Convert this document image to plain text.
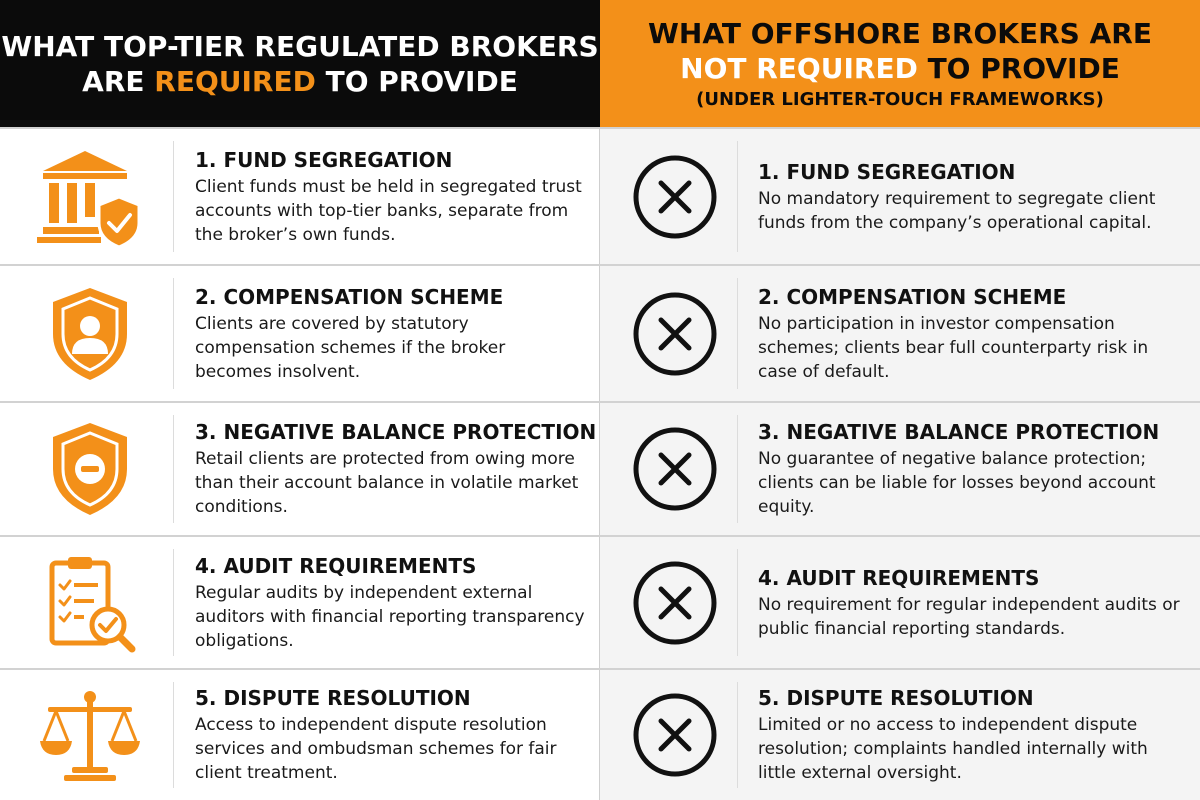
WHAT TOP-TIER REGULATED BROKERS
ARE REQUIRED TO PROVIDE
WHAT OFFSHORE BROKERS ARE
NOT REQUIRED TO PROVIDE
(UNDER LIGHTER-TOUCH FRAMEWORKS)
1. FUND SEGREGATION
Client funds must be held in segregated trust accounts with top-tier banks, separate from the broker’s own funds.
1. FUND SEGREGATION
No mandatory requirement to segregate client funds from the company’s operational capital.
2. COMPENSATION SCHEME
Clients are covered by statutory compensation schemes if the broker becomes insolvent.
2. COMPENSATION SCHEME
No participation in investor compensation schemes; clients bear full counterparty risk in case of default.
3. NEGATIVE BALANCE PROTECTION
Retail clients are protected from owing more than their account balance in volatile market conditions.
3. NEGATIVE BALANCE PROTECTION
No guarantee of negative balance protection; clients can be liable for losses beyond account equity.
4. AUDIT REQUIREMENTS
Regular audits by independent external auditors with financial reporting transparency obligations.
4. AUDIT REQUIREMENTS
No requirement for regular independent audits or public financial reporting standards.
5. DISPUTE RESOLUTION
Access to independent dispute resolution services and ombudsman schemes for fair client treatment.
5. DISPUTE RESOLUTION
Limited or no access to independent dispute resolution; complaints handled internally with little external oversight.
